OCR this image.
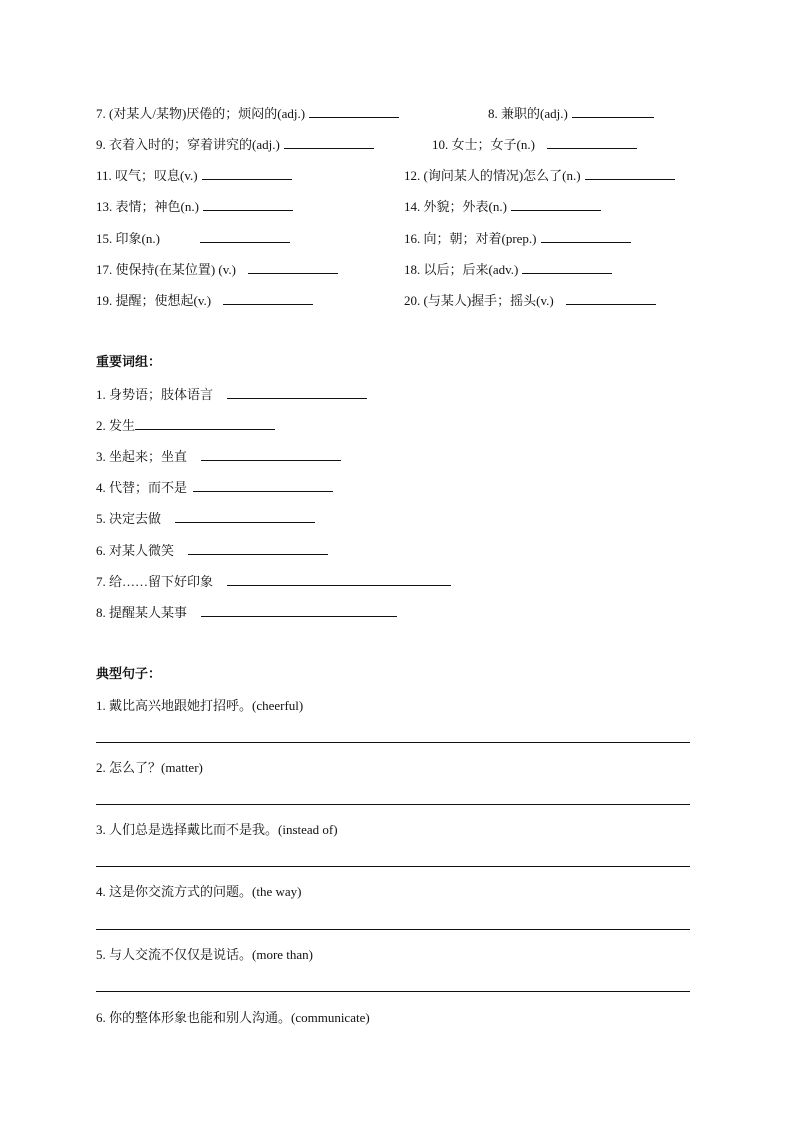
7. (对某人/某物)厌倦的；烦闷的(adj.)	8. 兼职的(adj.)
9. 衣着入时的；穿着讲究的(adj.)	10. 女士；女子(n.)
11. 叹气；叹息(v.)	12. (询问某人的情况)怎么了(n.)
13. 表情；神色(n.)	14. 外貌；外表(n.)
15. 印象(n.)	16. 向；朝；对着(prep.)
17. 使保持(在某位置) (v.)	18. 以后；后来(adv.)
19. 提醒；使想起(v.)	20. (与某人)握手；摇头(v.)
重要词组：
1. 身势语；肢体语言
2. 发生
3. 坐起来；坐直
4. 代替；而不是
5. 决定去做
6. 对某人微笑
7. 给……留下好印象
8. 提醒某人某事
典型句子：
1. 戴比高兴地跟她打招呼。(cheerful)
2. 怎么了？(matter)
3. 人们总是选择戴比而不是我。(instead of)
4. 这是你交流方式的问题。(the way)
5. 与人交流不仅仅是说话。(more than)
6. 你的整体形象也能和别人沟通。(communicate)
